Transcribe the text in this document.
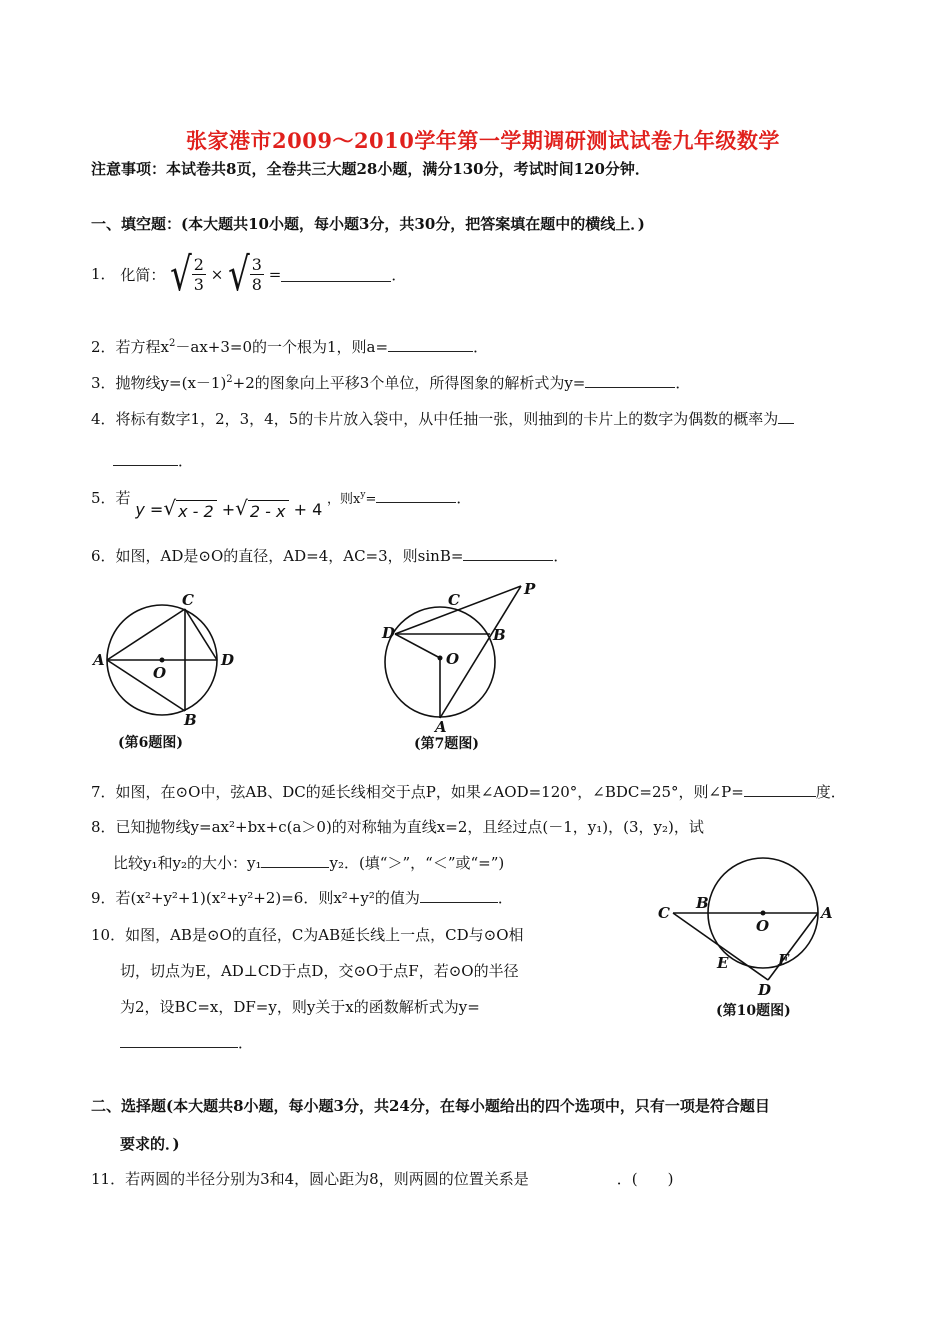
张家港市2009～2010学年第一学期调研测试试卷九年级数学
注意事项：本试卷共8页，全卷共三大题28小题，满分130分，考试时间120分钟．
一、填空题：(本大题共10小题，每小题3分，共30分，把答案填在题中的横线上．)
1． 化简： √ $\frac{2}{3}$ × √ $\frac{3}{8}$ =	．
2．若方程$x^2-ax+3=0$的一个根为1，则a=	．
3．抛物线$y=(x-1)^2+2$的图象向上平移3个单位，所得图象的解析式为y=	．
4．将标有数字1，2，3，4，5的卡片放入袋中，从中任抽一张，则抽到的卡片上的数字为偶数的概率为
．
5．若 y =√ x - 2 +√ 2 - x + 4 ，则$x^y=$	．
6．如图，AD是⊙O的直径，AD=4，AC=3，则sinB=	．
A
C
D
O
B
(第6题图)
P
C
D	B
O
A
(第7题图)
7．如图，在⊙O中，弦AB、DC的延长线相交于点P，如果∠AOD=120°，∠BDC=25°，则∠P=	度．
8．已知抛物线y=ax²+bx+c(a＞0)的对称轴为直线x=2，且经过点(－1，y₁)，(3，y₂)，试
比较y₁和y₂的大小：y₁	y₂．(填“＞”，“＜”或“=”)
9．若(x²+y²+1)(x²+y²+2)=6．则x²+y²的值为	．
10．如图，AB是⊙O的直径，C为AB延长线上一点，CD与⊙O相
切，切点为E，AD⊥CD于点D，交⊙O于点F，若⊙O的半径
为2，设BC=x，DF=y，则y关于x的函数解析式为y=
．
C
B
O
A
E	F
D
(第10题图)
二、选择题(本大题共8小题，每小题3分，共24分，在每小题给出的四个选项中，只有一项是符合题目
要求的．)
11．若两圆的半径分别为3和4，圆心距为8，则两圆的位置关系是	．(　　)
